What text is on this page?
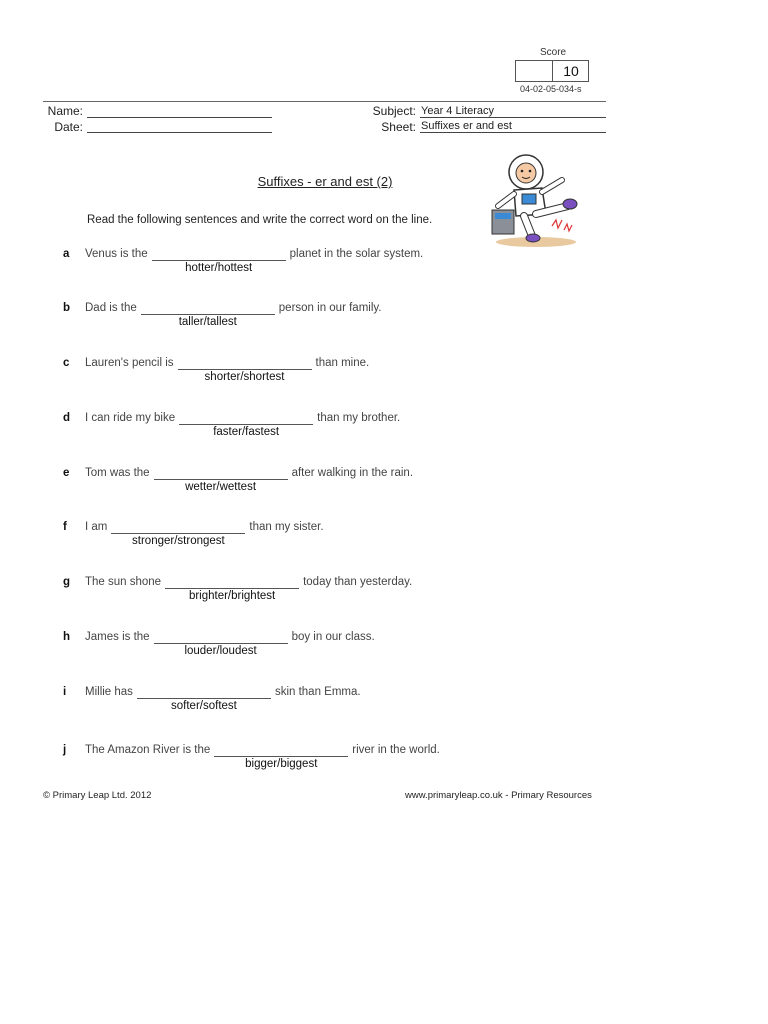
Score
10
04-02-05-034-s
Name:
Date:
Subject: Year 4 Literacy
Sheet: Suffixes er and est
Suffixes - er and est (2)
Read the following sentences and write the correct word on the line.
a Venus is the	planet in the solar system.
hotter/hottest
b Dad is the	person in our family.
taller/tallest
c Lauren's pencil is	than mine.
shorter/shortest
d I can ride my bike	than my brother.
faster/fastest
e Tom was the	after walking in the rain.
wetter/wettest
f I am	than my sister.
stronger/strongest
g The sun shone	today than yesterday.
brighter/brightest
h James is the	boy in our class.
louder/loudest
i Millie has	skin than Emma.
softer/softest
j The Amazon River is the	river in the world.
bigger/biggest
© Primary Leap Ltd. 2012	www.primaryleap.co.uk - Primary Resources
